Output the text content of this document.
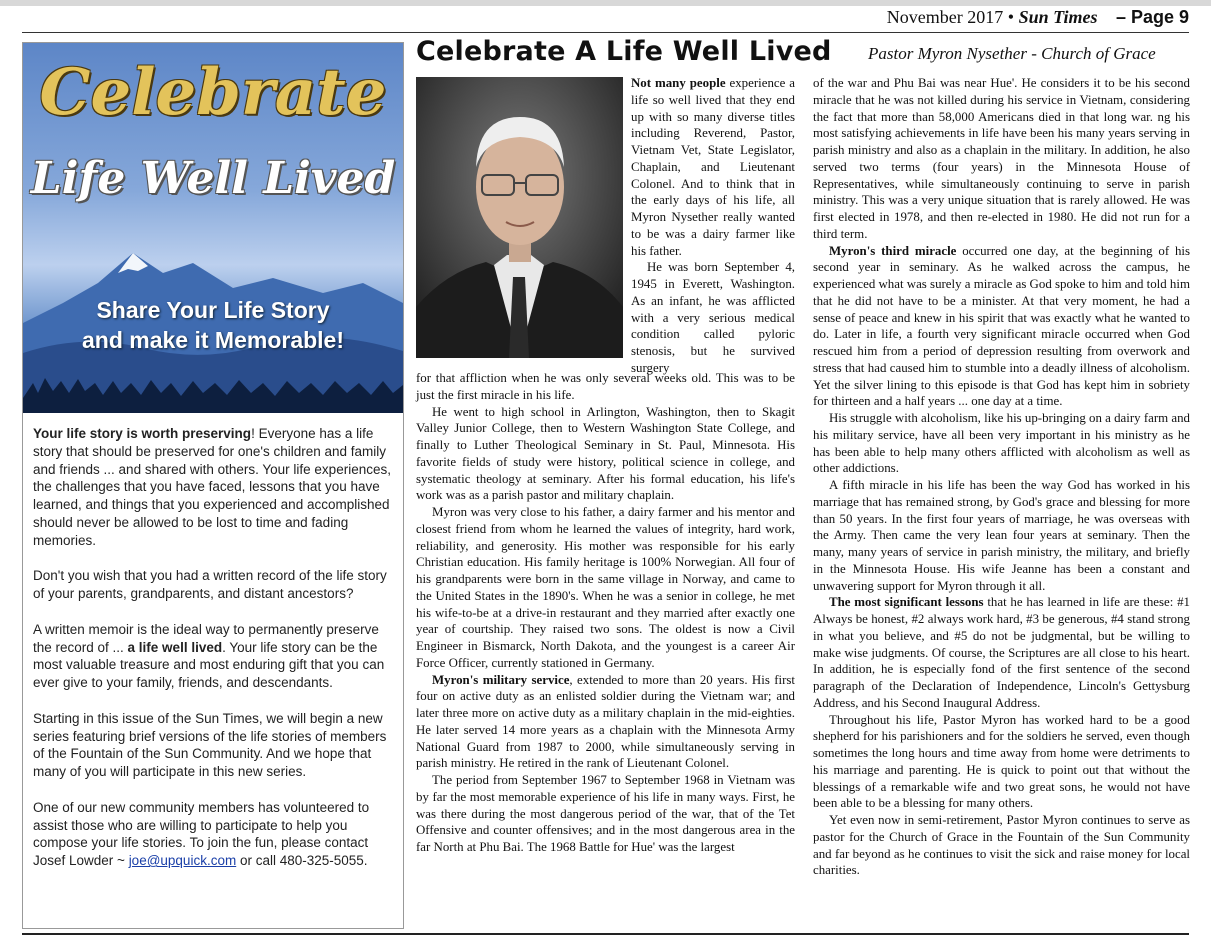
November 2017 • Sun Times – Page 9
Celebrate
Life Well Lived
Share Your Life Story
and make it Memorable!

Your life story is worth preserving! Everyone has a life story that should be preserved for one's children and family and friends ... and shared with others. Your life experiences, the challenges that you have faced, lessons that you have learned, and things that you experienced and accomplished should never be allowed to be lost to time and fading memories.

Don't you wish that you had a written record of the life story of your parents, grandparents, and distant ancestors?

A written memoir is the ideal way to permanently preserve the record of ... a life well lived. Your life story can be the most valuable treasure and most enduring gift that you can ever give to your family, friends, and descendants.

Starting in this issue of the Sun Times, we will begin a new series featuring brief versions of the life stories of members of the Fountain of the Sun Community. And we hope that many of you will participate in this new series.

One of our new community members has volunteered to assist those who are willing to participate to help you compose your life stories. To join the fun, please contact Josef Lowder ~ joe@upquick.com or call 480-325-5055.

Celebrate A Life Well Lived Pastor Myron Nysether - Church of Grace

Not many people experience a life so well lived that they end up with so many diverse titles including Reverend, Pastor, Vietnam Vet, State Legislator, Chaplain, and Lieutenant Colonel. And to think that in the early days of his life, all Myron Nysether really wanted to be was a dairy farmer like his father.

He was born September 4, 1945 in Everett, Washington. As an infant, he was afflicted with a very serious medical condition called pyloric stenosis, but he survived surgery

for that affliction when he was only several weeks old. This was to be just the first miracle in his life.

He went to high school in Arlington, Washington, then to Skagit Valley Junior College, then to Western Washington State College, and finally to Luther Theological Seminary in St. Paul, Minnesota. His favorite fields of study were history, political science in college, and systematic theology at seminary. After his formal education, his life's work was as a parish pastor and military chaplain.

Myron was very close to his father, a dairy farmer and his mentor and closest friend from whom he learned the values of integrity, hard work, reliability, and generosity. His mother was responsible for his early Christian education. His family heritage is 100% Norwegian. All four of his grandparents were born in the same village in Norway, and came to the United States in the 1890's. When he was a senior in college, he met his wife-to-be at a drive-in restaurant and they married after exactly one year of courtship. They raised two sons. The oldest is now a Civil Engineer in Bismarck, North Dakota, and the youngest is a career Air Force Officer, currently stationed in Germany.

Myron's military service, extended to more than 20 years. His first four on active duty as an enlisted soldier during the Vietnam war; and later three more on active duty as a military chaplain in the mid-eighties. He later served 14 more years as a chaplain with the Minnesota Army National Guard from 1987 to 2000, while simultaneously serving in parish ministry. He retired in the rank of Lieutenant Colonel.

The period from September 1967 to September 1968 in Vietnam was by far the most memorable experience of his life in many ways. First, he was there during the most dangerous period of the war, that of the Tet Offensive and counter offensives; and in the most dangerous area in the far North at Phu Bai. The 1968 Battle for Hue' was the largest

of the war and Phu Bai was near Hue'. He considers it to be his second miracle that he was not killed during his service in Vietnam, considering the fact that more than 58,000 Americans died in that long war. ng his most satisfying achievements in life have been his many years serving in parish ministry and also as a chaplain in the military. In addition, he also served two terms (four years) in the Minnesota House of Representatives, while simultaneously continuing to serve in parish ministry. This was a very unique situation that is rarely allowed. He was first elected in 1978, and then re-elected in 1980. He did not run for a third term.

Myron's third miracle occurred one day, at the beginning of his second year in seminary. As he walked across the campus, he experienced what was surely a miracle as God spoke to him and told him that he did not have to be a minister. At that very moment, he had a sense of peace and knew in his spirit that was exactly what he wanted to do. Later in life, a fourth very significant miracle occurred when God rescued him from a period of depression resulting from overwork and stress that had caused him to stumble into a deadly illness of alcoholism. Yet the silver lining to this episode is that God has kept him in sobriety for thirteen and a half years ... one day at a time.

His struggle with alcoholism, like his up-bringing on a dairy farm and his military service, have all been very important in his ministry as he has been able to help many others afflicted with alcoholism as well as other addictions.

A fifth miracle in his life has been the way God has worked in his marriage that has remained strong, by God's grace and blessing for more than 50 years. In the first four years of marriage, he was overseas with the Army. Then came the very lean four years at seminary. Then the many, many years of service in parish ministry, the military, and briefly in the Minnesota House. His wife Jeanne has been a constant and unwavering support for Myron through it all.

The most significant lessons that he has learned in life are these: #1 Always be honest, #2 always work hard, #3 be generous, #4 stand strong in what you believe, and #5 do not be judgmental, but be willing to make wise judgments. Of course, the Scriptures are all close to his heart. In addition, he is especially fond of the first sentence of the second paragraph of the Declaration of Independence, Lincoln's Gettysburg Address, and his Second Inaugural Address.

Throughout his life, Pastor Myron has worked hard to be a good shepherd for his parishioners and for the soldiers he served, even though sometimes the long hours and time away from home were detriments to his marriage and parenting. He is quick to point out that without the blessings of a remarkable wife and two great sons, he would not have been able to be a blessing for many others.

Yet even now in semi-retirement, Pastor Myron continues to serve as pastor for the Church of Grace in the Fountain of the Sun Community and far beyond as he continues to visit the sick and raise money for local charities.
